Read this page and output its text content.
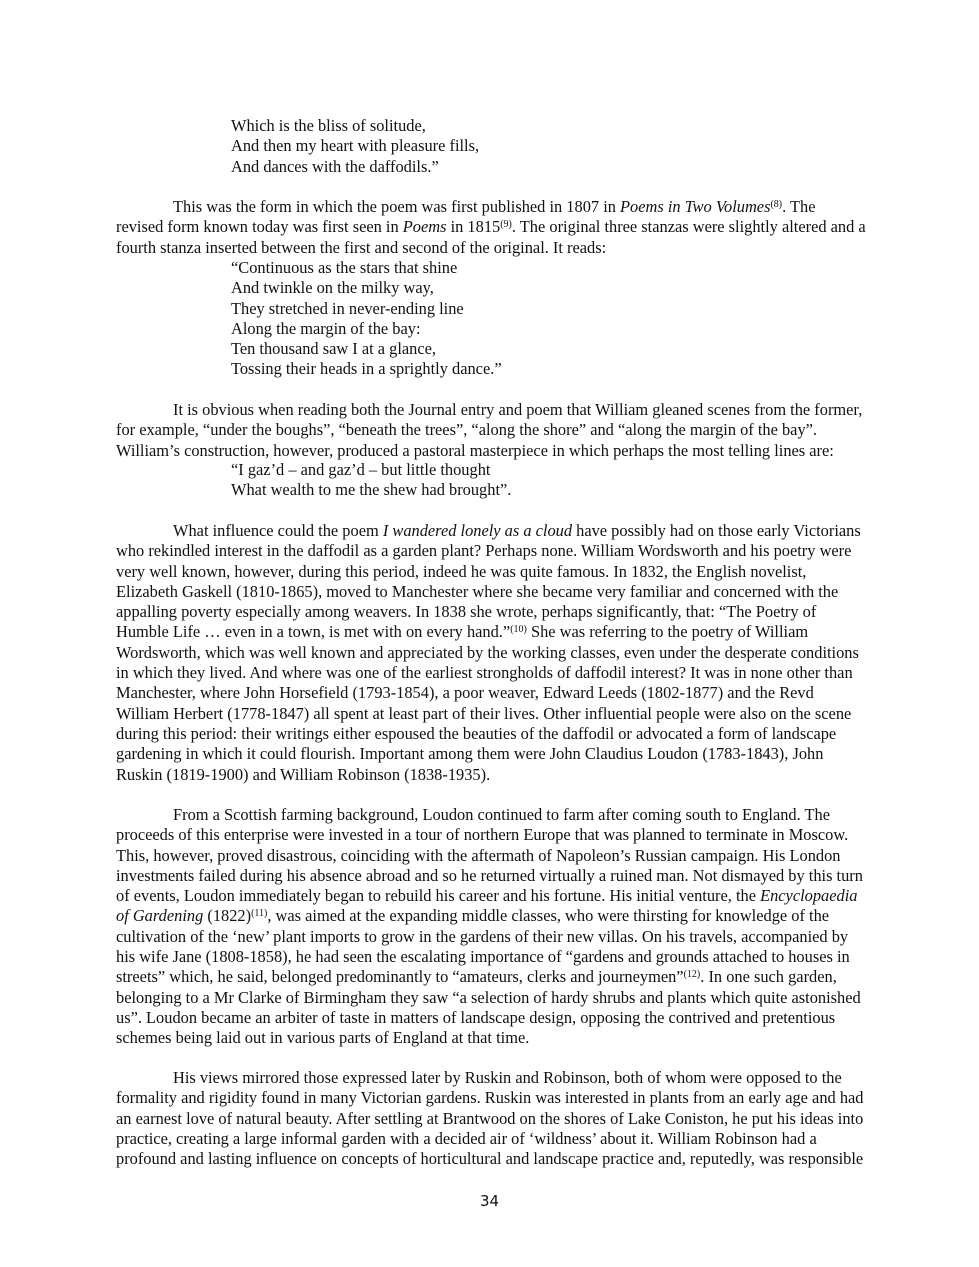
Which is the bliss of solitude,
And then my heart with pleasure fills,
And dances with the daffodils.”
This was the form in which the poem was first published in 1807 in Poems in Two Volumes$^{(8)}$. The
revised form known today was first seen in Poems in 1815$^{(9)}$. The original three stanzas were slightly altered and a
fourth stanza inserted between the first and second of the original. It reads:
“Continuous as the stars that shine
And twinkle on the milky way,
They stretched in never-ending line
Along the margin of the bay:
Ten thousand saw I at a glance,
Tossing their heads in a sprightly dance.”
It is obvious when reading both the Journal entry and poem that William gleaned scenes from the former,
for example, “under the boughs”, “beneath the trees”, “along the shore” and “along the margin of the bay”.
William’s construction, however, produced a pastoral masterpiece in which perhaps the most telling lines are:
“I gaz’d – and gaz’d – but little thought
What wealth to me the shew had brought”.
What influence could the poem I wandered lonely as a cloud have possibly had on those early Victorians
who rekindled interest in the daffodil as a garden plant? Perhaps none. William Wordsworth and his poetry were
very well known, however, during this period, indeed he was quite famous. In 1832, the English novelist,
Elizabeth Gaskell (1810-1865), moved to Manchester where she became very familiar and concerned with the
appalling poverty especially among weavers. In 1838 she wrote, perhaps significantly, that: “The Poetry of
Humble Life … even in a town, is met with on every hand.”$^{(10)}$ She was referring to the poetry of William
Wordsworth, which was well known and appreciated by the working classes, even under the desperate conditions
in which they lived. And where was one of the earliest strongholds of daffodil interest? It was in none other than
Manchester, where John Horsefield (1793-1854), a poor weaver, Edward Leeds (1802-1877) and the Revd
William Herbert (1778-1847) all spent at least part of their lives. Other influential people were also on the scene
during this period: their writings either espoused the beauties of the daffodil or advocated a form of landscape
gardening in which it could flourish. Important among them were John Claudius Loudon (1783-1843), John
Ruskin (1819-1900) and William Robinson (1838-1935).
From a Scottish farming background, Loudon continued to farm after coming south to England. The
proceeds of this enterprise were invested in a tour of northern Europe that was planned to terminate in Moscow.
This, however, proved disastrous, coinciding with the aftermath of Napoleon’s Russian campaign. His London
investments failed during his absence abroad and so he returned virtually a ruined man. Not dismayed by this turn
of events, Loudon immediately began to rebuild his career and his fortune. His initial venture, the Encyclopaedia
of Gardening $(1822)^{(11)}$, was aimed at the expanding middle classes, who were thirsting for knowledge of the
cultivation of the ‘new’ plant imports to grow in the gardens of their new villas. On his travels, accompanied by
his wife Jane (1808-1858), he had seen the escalating importance of “gardens and grounds attached to houses in
streets” which, he said, belonged predominantly to “amateurs, clerks and journeymen”$^{(12)}$. In one such garden,
belonging to a Mr Clarke of Birmingham they saw “a selection of hardy shrubs and plants which quite astonished
us”. Loudon became an arbiter of taste in matters of landscape design, opposing the contrived and pretentious
schemes being laid out in various parts of England at that time.
His views mirrored those expressed later by Ruskin and Robinson, both of whom were opposed to the
formality and rigidity found in many Victorian gardens. Ruskin was interested in plants from an early age and had
an earnest love of natural beauty. After settling at Brantwood on the shores of Lake Coniston, he put his ideas into
practice, creating a large informal garden with a decided air of ‘wildness’ about it. William Robinson had a
profound and lasting influence on concepts of horticultural and landscape practice and, reputedly, was responsible
34
